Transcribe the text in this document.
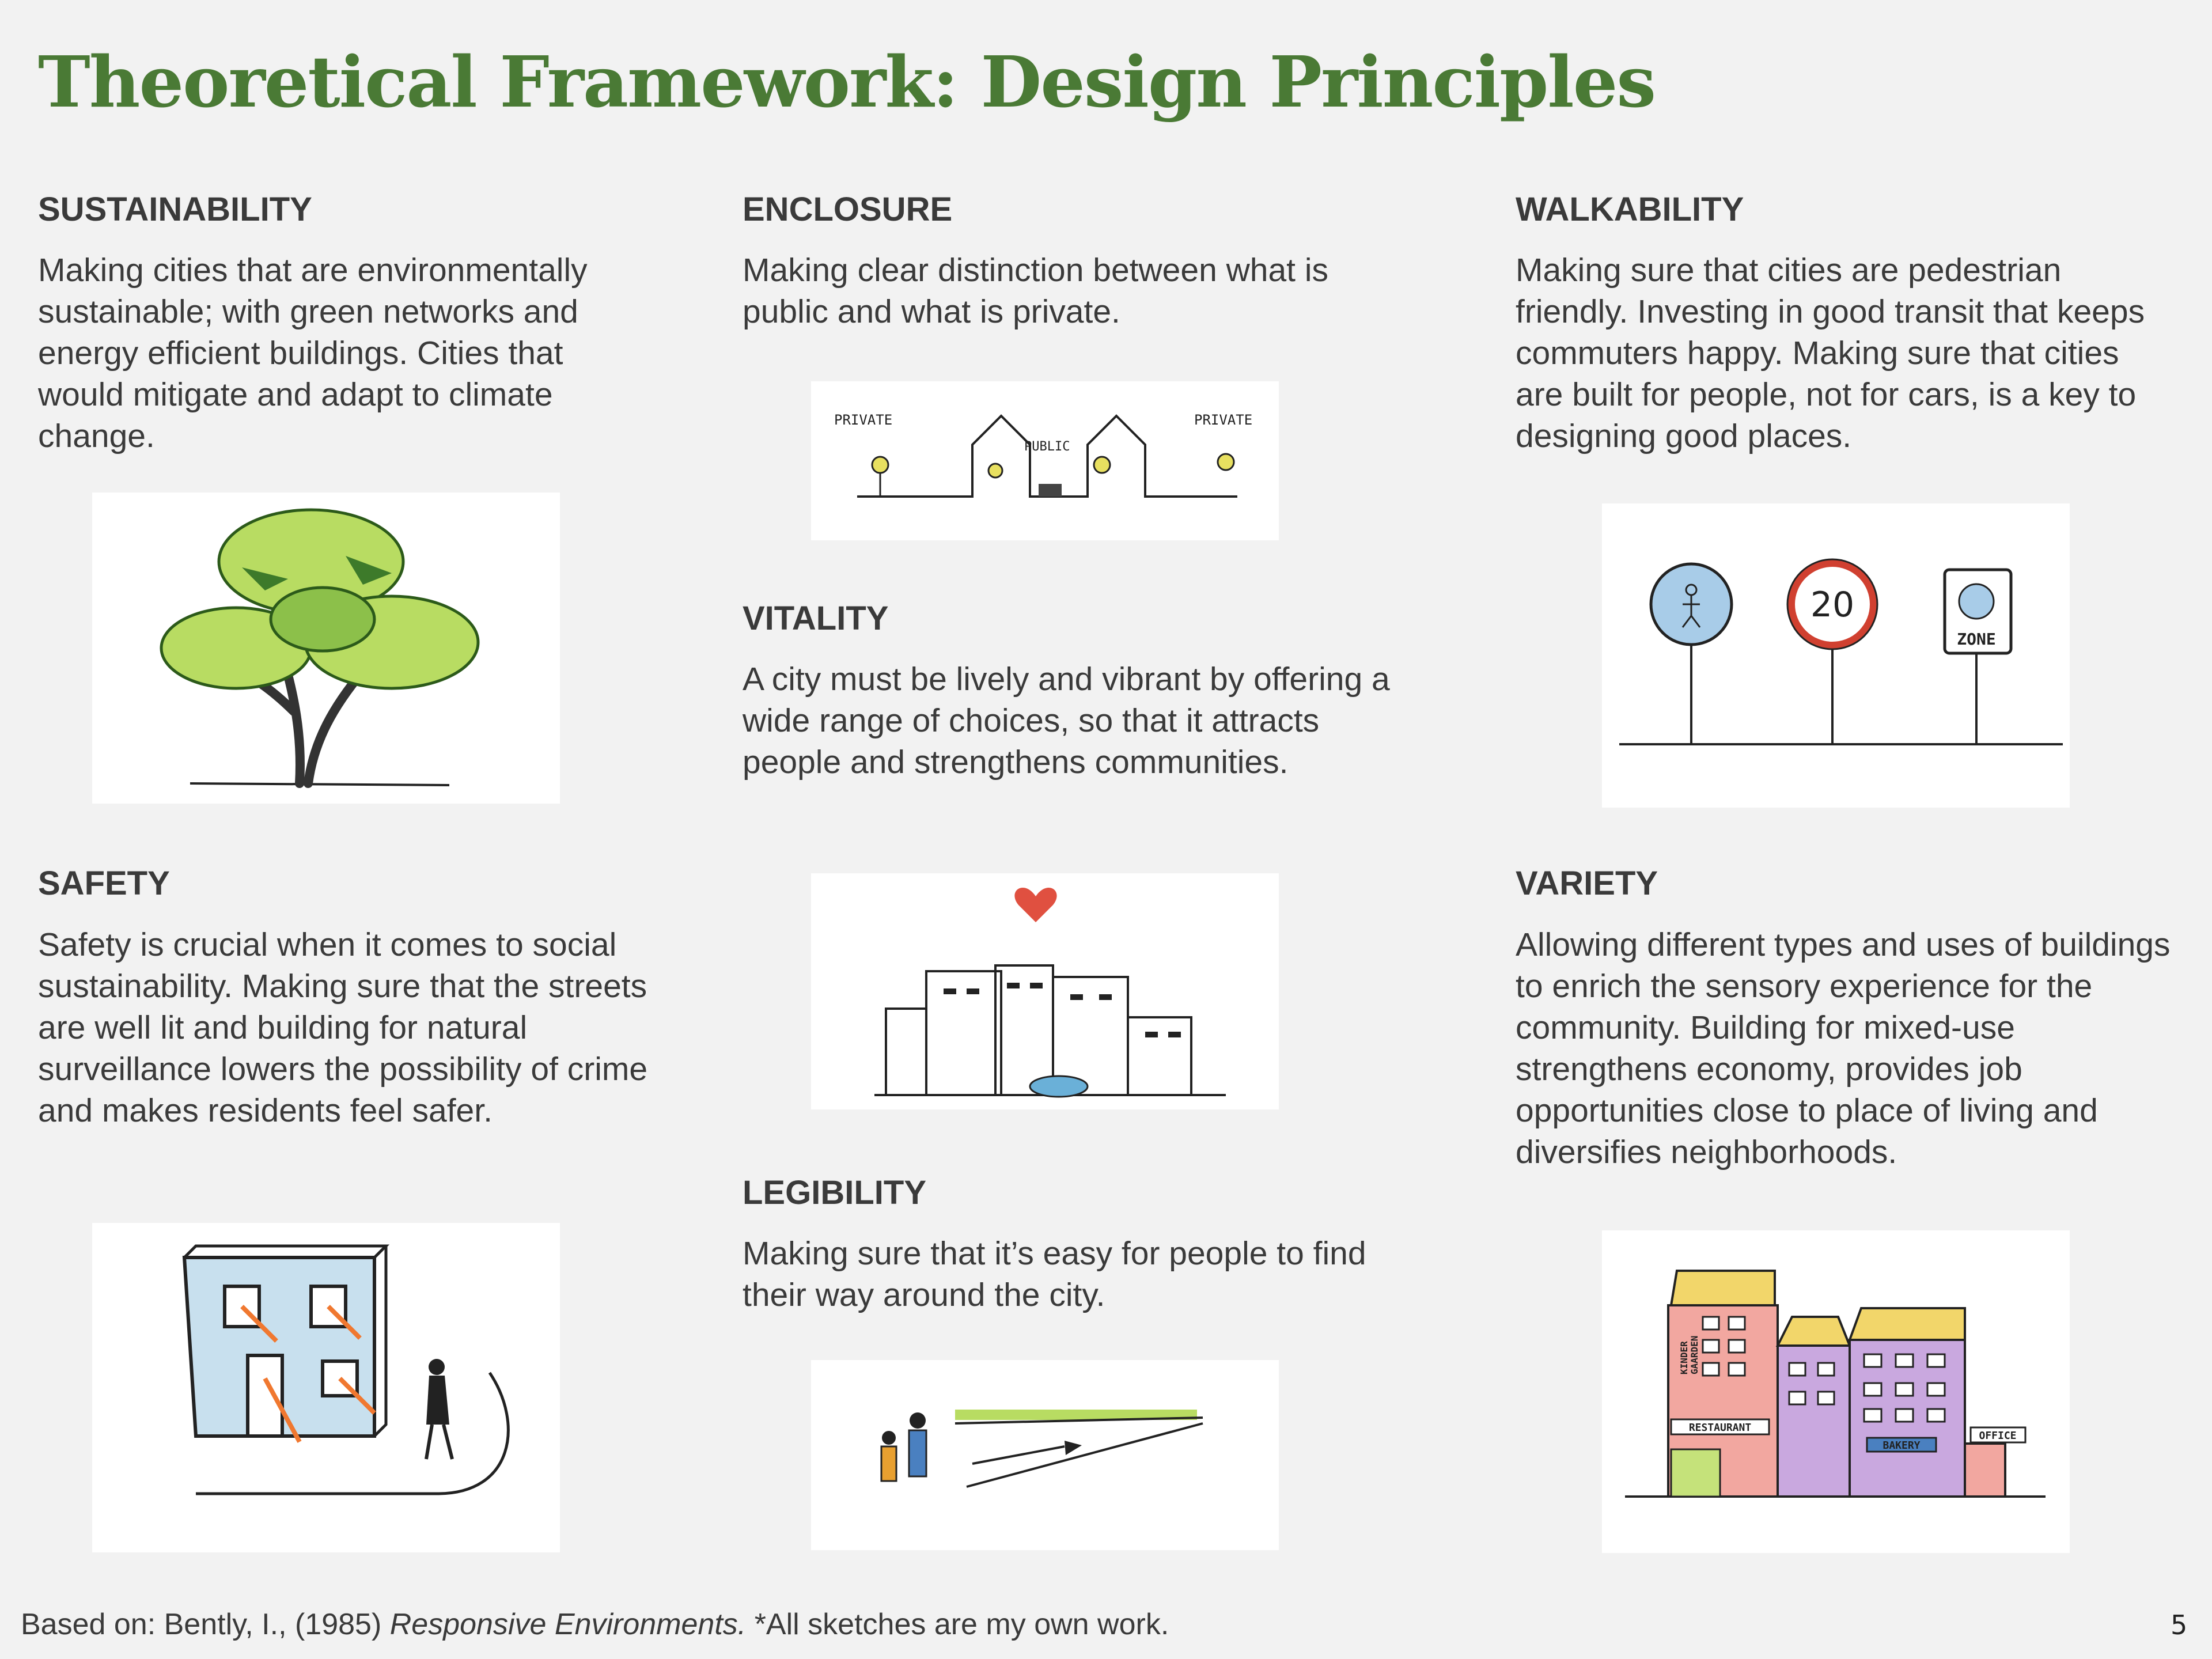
Theoretical Framework: Design Principles
SUSTAINABILITY
Making cities that are environmentally sustainable; with green networks and energy efficient buildings. Cities that would mitigate and adapt to climate change.
ENCLOSURE
Making clear distinction between what is public and what is private.
PRIVATE	PRIVATE
PUBLIC
VITALITY
A city must be lively and vibrant by offering a wide range of choices, so that it attracts people and strengthens communities.
LEGIBILITY
Making sure that it’s easy for people to find their way around the city.
WALKABILITY
Making sure that cities are pedestrian friendly. Investing in good transit that keeps commuters happy. Making sure that cities are built for people, not for cars, is a key to designing good places.
20
ZONE
SAFETY
Safety is crucial when it comes to social sustainability. Making sure that the streets are well lit and building for natural surveillance lowers the possibility of crime and makes residents feel safer.
VARIETY
Allowing different types and uses of buildings to enrich the sensory experience for the community. Building for mixed-use strengthens economy, provides job opportunities close to place of living and diversifies neighborhoods.
RESTAURANT
BAKERY
OFFICE
KINDER GAARDEN
Based on: Bently, I., (1985) Responsive Environments. *All sketches are my own work.	5
